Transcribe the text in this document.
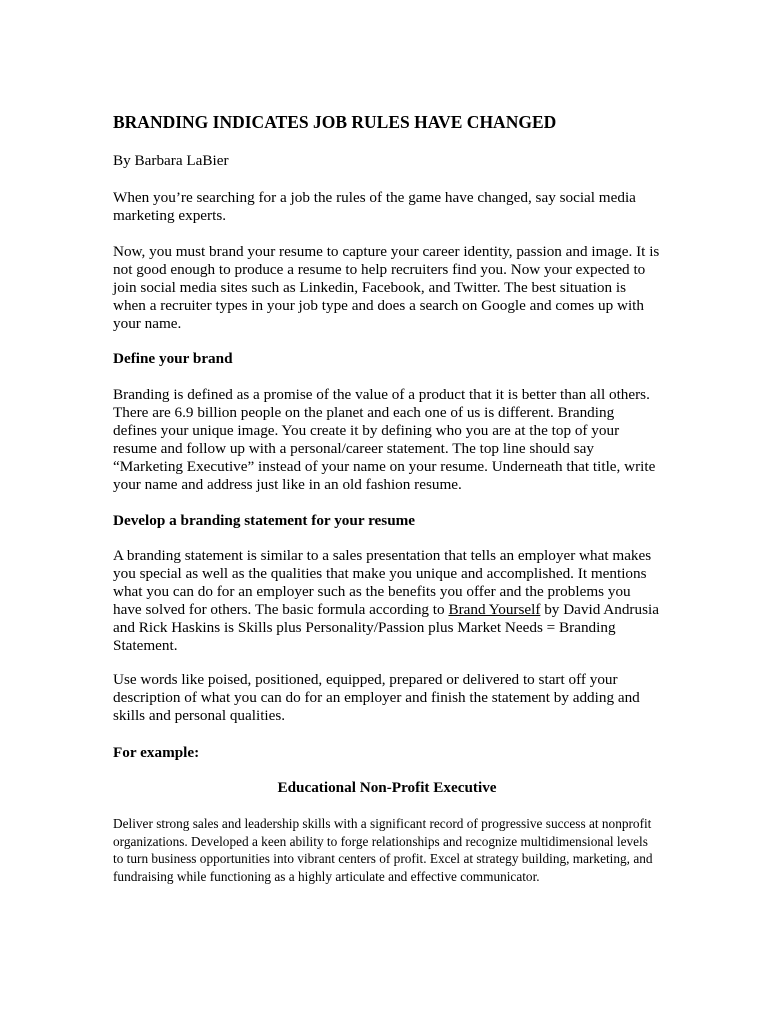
BRANDING INDICATES JOB RULES HAVE CHANGED

By Barbara LaBier

When you’re searching for a job the rules of the game have changed, say social media marketing experts.

Now, you must brand your resume to capture your career identity, passion and image. It is not good enough to produce a resume to help recruiters find you. Now your expected to join social media sites such as Linkedin, Facebook, and Twitter. The best situation is when a recruiter types in your job type and does a search on Google and comes up with your name.

Define your brand

Branding is defined as a promise of the value of a product that it is better than all others. There are 6.9 billion people on the planet and each one of us is different. Branding defines your unique image. You create it by defining who you are at the top of your resume and follow up with a personal/career statement. The top line should say “Marketing Executive” instead of your name on your resume. Underneath that title, write your name and address just like in an old fashion resume.

Develop a branding statement for your resume

A branding statement is similar to a sales presentation that tells an employer what makes you special as well as the qualities that make you unique and accomplished. It mentions what you can do for an employer such as the benefits you offer and the problems you have solved for others. The basic formula according to Brand Yourself by David Andrusia and Rick Haskins is Skills plus Personality/Passion plus Market Needs = Branding Statement.

Use words like poised, positioned, equipped, prepared or delivered to start off your description of what you can do for an employer and finish the statement by adding and skills and personal qualities.

For example:
Educational Non-Profit Executive

Deliver strong sales and leadership skills with a significant record of progressive success at nonprofit organizations. Developed a keen ability to forge relationships and recognize multidimensional levels to turn business opportunities into vibrant centers of profit. Excel at strategy building, marketing, and fundraising while functioning as a highly articulate and effective communicator.
